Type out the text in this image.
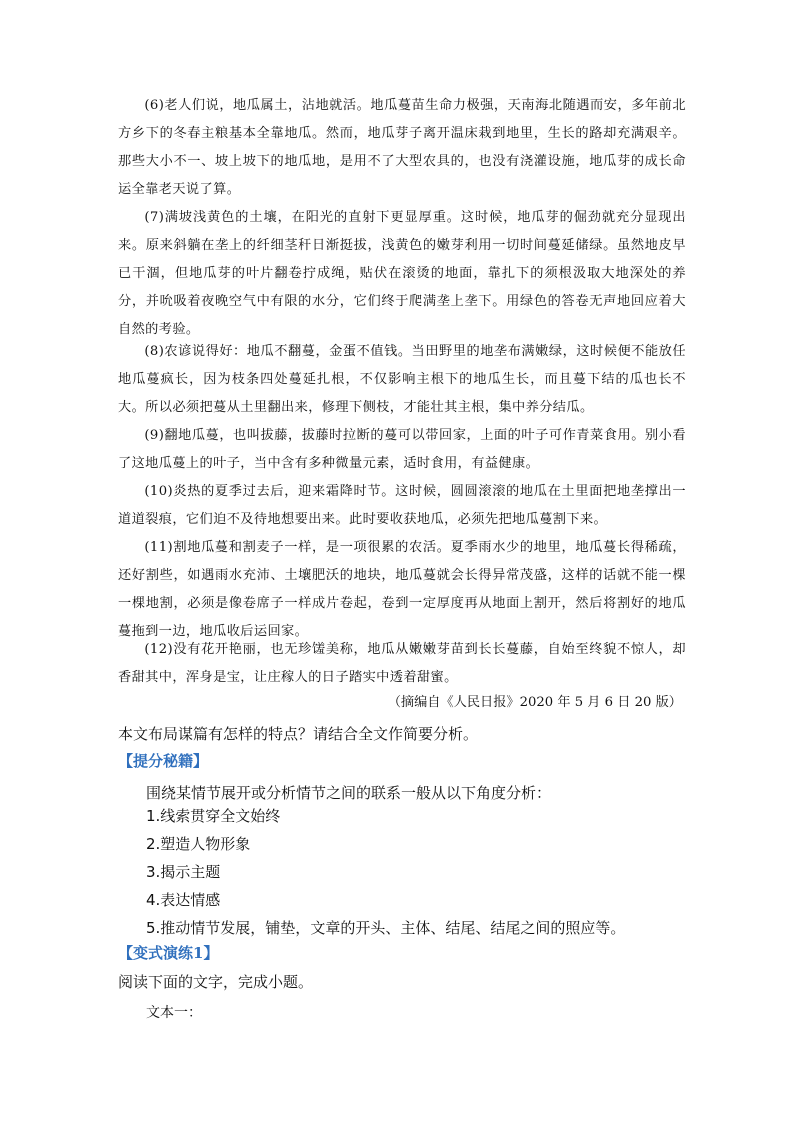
(6)老人们说，地瓜属土，沾地就活。地瓜蔓苗生命力极强，天南海北随遇而安，多年前北方乡下的冬春主粮基本全靠地瓜。然而，地瓜芽子离开温床栽到地里，生长的路却充满艰辛。那些大小不一、坡上坡下的地瓜地，是用不了大型农具的，也没有浇灌设施，地瓜芽的成长命运全靠老天说了算。

(7)满坡浅黄色的土壤，在阳光的直射下更显厚重。这时候，地瓜芽的倔劲就充分显现出来。原来斜躺在垄上的纤细茎秆日渐挺拔，浅黄色的嫩芽利用一切时间蔓延储绿。虽然地皮早已干涸，但地瓜芽的叶片翻卷拧成绳，贴伏在滚烫的地面，靠扎下的须根汲取大地深处的养分，并吮吸着夜晚空气中有限的水分，它们终于爬满垄上垄下。用绿色的答卷无声地回应着大自然的考验。

(8)农谚说得好：地瓜不翻蔓，金蛋不值钱。当田野里的地垄布满嫩绿，这时候便不能放任地瓜蔓疯长，因为枝条四处蔓延扎根，不仅影响主根下的地瓜生长，而且蔓下结的瓜也长不大。所以必须把蔓从土里翻出来，修理下侧枝，才能壮其主根，集中养分结瓜。

(9)翻地瓜蔓，也叫拔藤，拔藤时拉断的蔓可以带回家，上面的叶子可作青菜食用。别小看了这地瓜蔓上的叶子，当中含有多种微量元素，适时食用，有益健康。

(10)炎热的夏季过去后，迎来霜降时节。这时候，圆圆滚滚的地瓜在土里面把地垄撑出一道道裂痕，它们迫不及待地想要出来。此时要收获地瓜，必须先把地瓜蔓割下来。

(11)割地瓜蔓和割麦子一样，是一项很累的农活。夏季雨水少的地里，地瓜蔓长得稀疏，还好割些，如遇雨水充沛、土壤肥沃的地块，地瓜蔓就会长得异常茂盛，这样的话就不能一棵一棵地割，必须是像卷席子一样成片卷起，卷到一定厚度再从地面上割开，然后将割好的地瓜蔓拖到一边，地瓜收后运回家。

(12)没有花开艳丽，也无珍馐美称，地瓜从嫩嫩芽苗到长长蔓藤，自始至终貌不惊人，却香甜其中，浑身是宝，让庄稼人的日子踏实中透着甜蜜。

（摘编自《人民日报》2020 年 5 月 6 日 20 版）

本文布局谋篇有怎样的特点？请结合全文作简要分析。

【提分秘籍】

围绕某情节展开或分析情节之间的联系一般从以下角度分析：

1.线索贯穿全文始终
2.塑造人物形象
3.揭示主题
4.表达情感
5.推动情节发展，铺垫，文章的开头、主体、结尾、结尾之间的照应等。

【变式演练1】

阅读下面的文字，完成小题。

文本一：
